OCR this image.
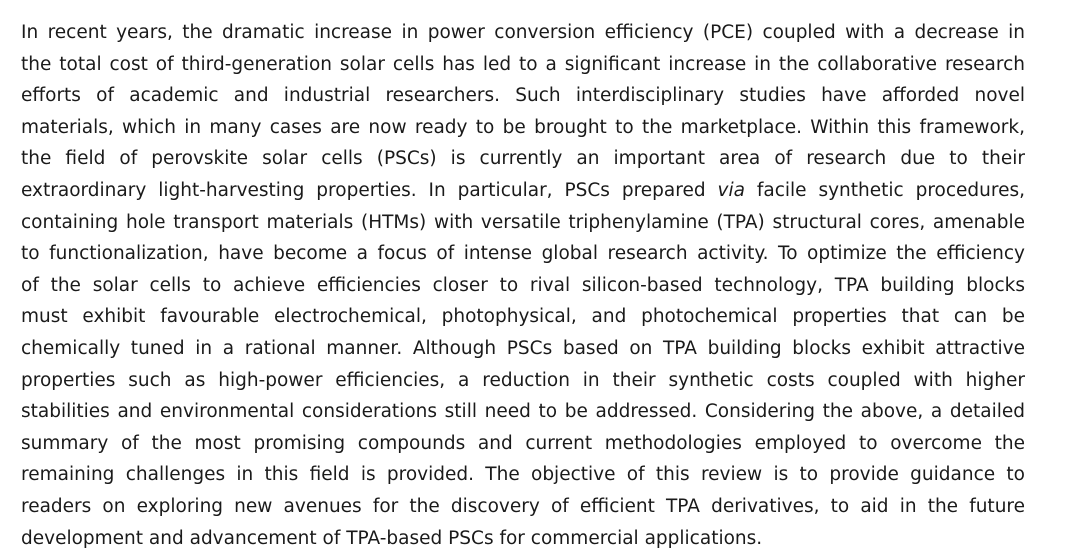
In recent years, the dramatic increase in power conversion efficiency (PCE) coupled with a decrease in
the total cost of third-generation solar cells has led to a significant increase in the collaborative research
efforts of academic and industrial researchers. Such interdisciplinary studies have afforded novel
materials, which in many cases are now ready to be brought to the marketplace. Within this framework,
the field of perovskite solar cells (PSCs) is currently an important area of research due to their
extraordinary light-harvesting properties. In particular, PSCs prepared via facile synthetic procedures,
containing hole transport materials (HTMs) with versatile triphenylamine (TPA) structural cores, amenable
to functionalization, have become a focus of intense global research activity. To optimize the efficiency
of the solar cells to achieve efficiencies closer to rival silicon-based technology, TPA building blocks
must exhibit favourable electrochemical, photophysical, and photochemical properties that can be
chemically tuned in a rational manner. Although PSCs based on TPA building blocks exhibit attractive
properties such as high-power efficiencies, a reduction in their synthetic costs coupled with higher
stabilities and environmental considerations still need to be addressed. Considering the above, a detailed
summary of the most promising compounds and current methodologies employed to overcome the
remaining challenges in this field is provided. The objective of this review is to provide guidance to
readers on exploring new avenues for the discovery of efficient TPA derivatives, to aid in the future
development and advancement of TPA-based PSCs for commercial applications.
